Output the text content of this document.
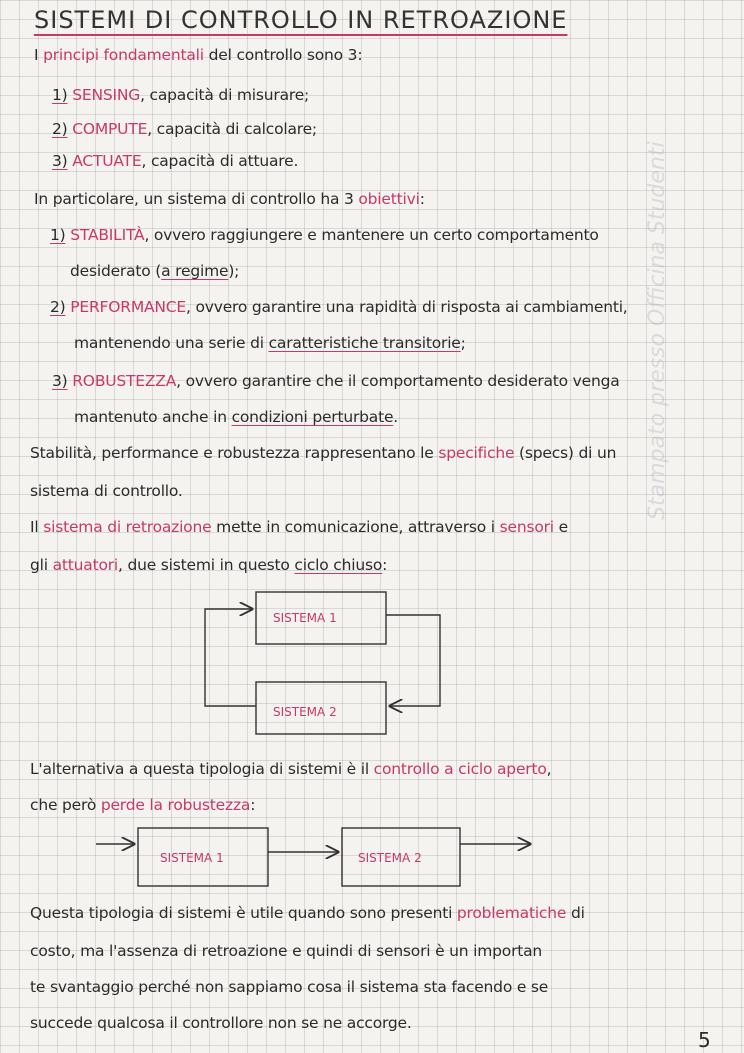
SISTEMI DI CONTROLLO IN RETROAZIONE
I principi fondamentali del controllo sono 3:
1) SENSING, capacità di misurare;
2) COMPUTE, capacità di calcolare;
3) ACTUATE, capacità di attuare.
In particolare, un sistema di controllo ha 3 obiettivi:
1) STABILITÀ, ovvero raggiungere e mantenere un certo comportamento
desiderato (a regime);
2) PERFORMANCE, ovvero garantire una rapidità di risposta ai cambiamenti,
mantenendo una serie di caratteristiche transitorie;
3) ROBUSTEZZA, ovvero garantire che il comportamento desiderato venga
mantenuto anche in condizioni perturbate.
Stabilità, performance e robustezza rappresentano le specifiche (specs) di un
sistema di controllo.
Il sistema di retroazione mette in comunicazione, attraverso i sensori e
gli attuatori, due sistemi in questo ciclo chiuso:
SISTEMA 1
SISTEMA 2
SISTEMA 1	SISTEMA 2
L'alternativa a questa tipologia di sistemi è il controllo a ciclo aperto,
che però perde la robustezza:
Questa tipologia di sistemi è utile quando sono presenti problematiche di
costo, ma l'assenza di retroazione e quindi di sensori è un importan
te svantaggio perché non sappiamo cosa il sistema sta facendo e se
succede qualcosa il controllore non se ne accorge.
Stampato presso Officina Studenti
5
